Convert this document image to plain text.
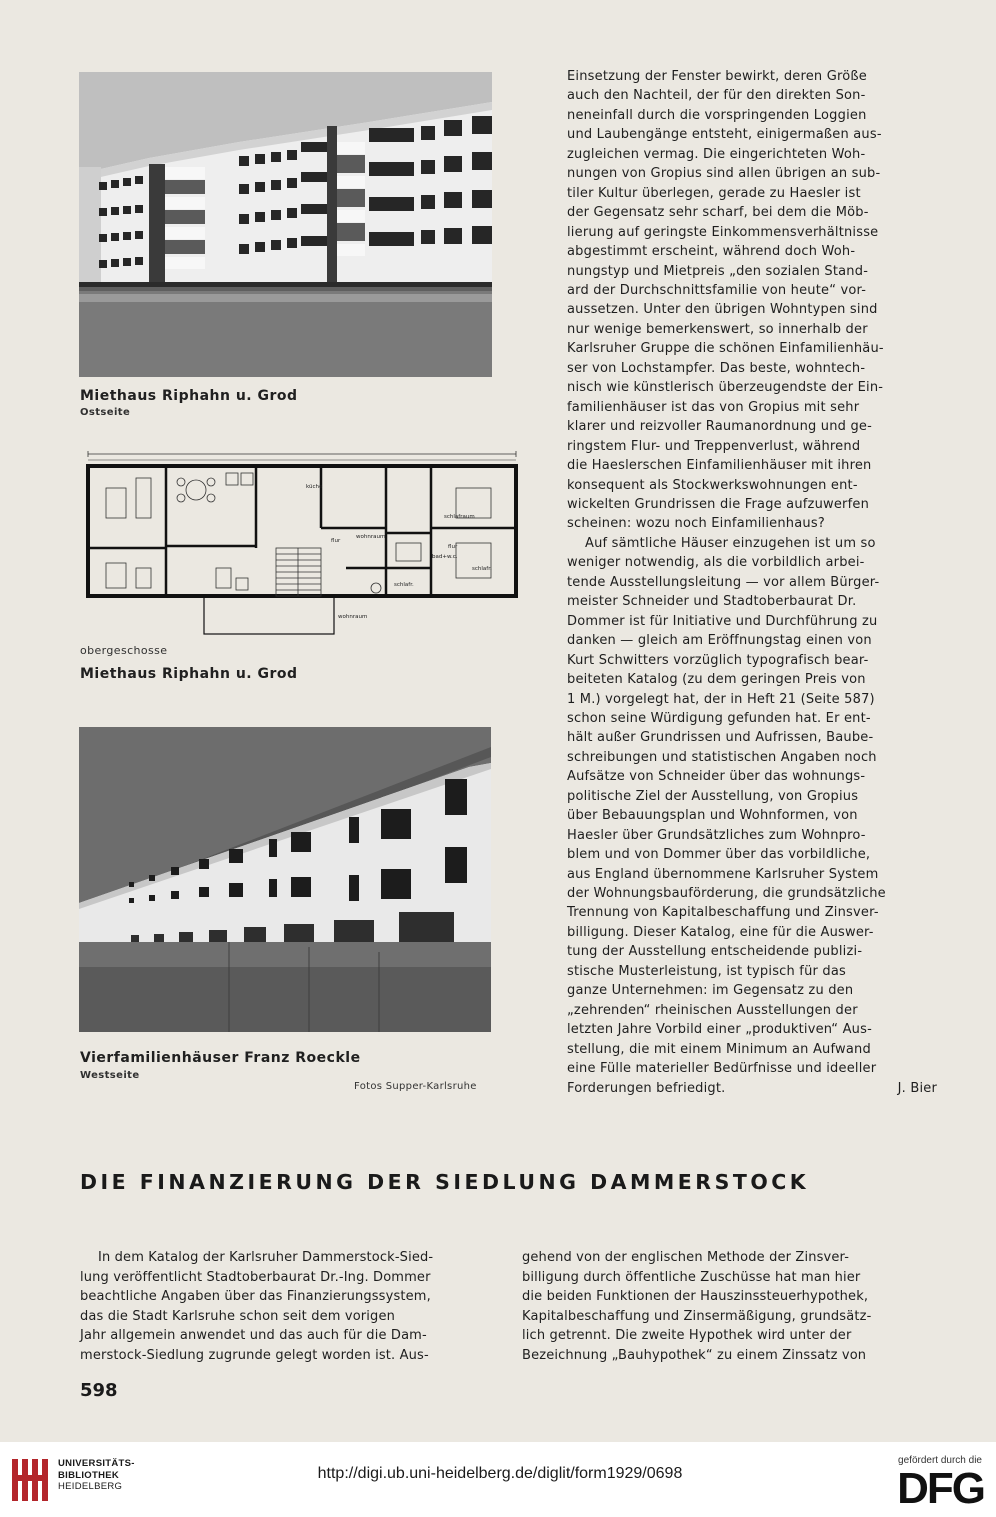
Miethaus Riphahn u. Grod
Ostseite
küche
flur
wohnraum
schlafraum
flur
bad+w.c.
schlafr.
schlafr.
wohnraum
obergeschosse
Miethaus Riphahn u. Grod
Vierfamilienhäuser Franz Roeckle
Westseite
Fotos Supper-Karlsruhe

Einsetzung der Fenster bewirkt, deren Größe
auch den Nachteil, der für den direkten Son-
neneinfall durch die vorspringenden Loggien
und Laubengänge entsteht, einigermaßen aus-
zugleichen vermag. Die eingerichteten Woh-
nungen von Gropius sind allen übrigen an sub-
tiler Kultur überlegen, gerade zu Haesler ist
der Gegensatz sehr scharf, bei dem die Möb-
lierung auf geringste Einkommensverhältnisse
abgestimmt erscheint, während doch Woh-
nungstyp und Mietpreis „den sozialen Stand-
ard der Durchschnittsfamilie von heute“ vor-
aussetzen. Unter den übrigen Wohntypen sind
nur wenige bemerkenswert, so innerhalb der
Karlsruher Gruppe die schönen Einfamilienhäu-
ser von Lochstampfer. Das beste, wohntech-
nisch wie künstlerisch überzeugendste der Ein-
familienhäuser ist das von Gropius mit sehr
klarer und reizvoller Raumanordnung und ge-
ringstem Flur- und Treppenverlust, während
die Haeslerschen Einfamilienhäuser mit ihren
konsequent als Stockwerkswohnungen ent-
wickelten Grundrissen die Frage aufzuwerfen
scheinen: wozu noch Einfamilienhaus?

Auf sämtliche Häuser einzugehen ist um so
weniger notwendig, als die vorbildlich arbei-
tende Ausstellungsleitung — vor allem Bürger-
meister Schneider und Stadtoberbaurat Dr.
Dommer ist für Initiative und Durchführung zu
danken — gleich am Eröffnungstag einen von
Kurt Schwitters vorzüglich typografisch bear-
beiteten Katalog (zu dem geringen Preis von
1 M.) vorgelegt hat, der in Heft 21 (Seite 587)
schon seine Würdigung gefunden hat. Er ent-
hält außer Grundrissen und Aufrissen, Baube-
schreibungen und statistischen Angaben noch
Aufsätze von Schneider über das wohnungs-
politische Ziel der Ausstellung, von Gropius
über Bebauungsplan und Wohnformen, von
Haesler über Grundsätzliches zum Wohnpro-
blem und von Dommer über das vorbildliche,
aus England übernommene Karlsruher System
der Wohnungsbauförderung, die grundsätzliche
Trennung von Kapitalbeschaffung und Zinsver-
billigung. Dieser Katalog, eine für die Auswer-
tung der Ausstellung entscheidende publizi-
stische Musterleistung, ist typisch für das
ganze Unternehmen: im Gegensatz zu den
„zehrenden“ rheinischen Ausstellungen der
letzten Jahre Vorbild einer „produktiven“ Aus-
stellung, die mit einem Minimum an Aufwand
eine Fülle materieller Bedürfnisse und ideeller

Forderungen befriedigt.	J. Bier
DIE FINANZIERUNG DER SIEDLUNG DAMMERSTOCK

In dem Katalog der Karlsruher Dammerstock-Sied-
lung veröffentlicht Stadtoberbaurat Dr.-Ing. Dommer
beachtliche Angaben über das Finanzierungssystem,
das die Stadt Karlsruhe schon seit dem vorigen
Jahr allgemein anwendet und das auch für die Dam-
merstock-Siedlung zugrunde gelegt worden ist. Aus-

gehend von der englischen Methode der Zinsver-
billigung durch öffentliche Zuschüsse hat man hier
die beiden Funktionen der Hauszinssteuerhypothek,
Kapitalbeschaffung und Zinsermäßigung, grundsätz-
lich getrennt. Die zweite Hypothek wird unter der
Bezeichnung „Bauhypothek“ zu einem Zinssatz von

598
UNIVERSITÄTS-
BIBLIOTHEK
HEIDELBERG
http://digi.ub.uni-heidelberg.de/diglit/form1929/0698
gefördert durch die
DFG
